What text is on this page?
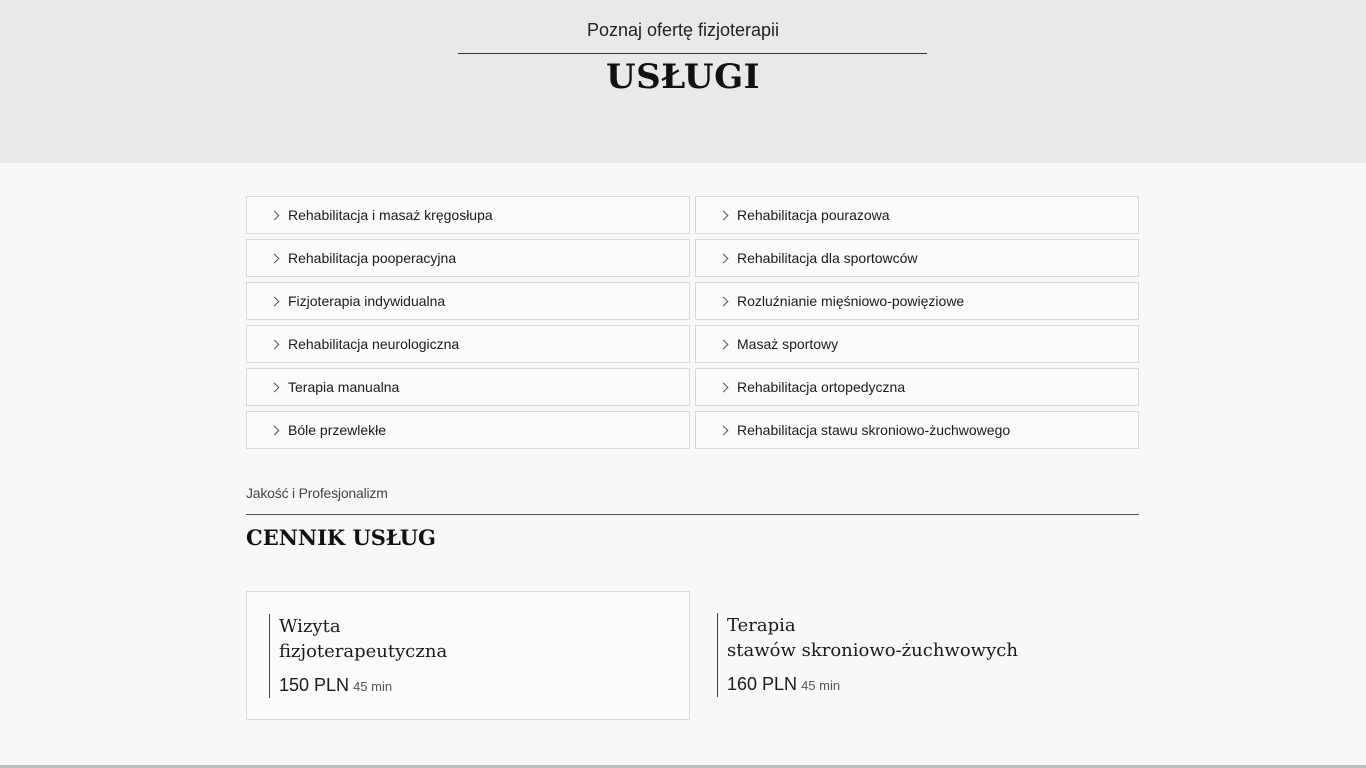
Poznaj ofertę fizjoterapii
USŁUGI
Rehabilitacja i masaż kręgosłupa	Rehabilitacja pourazowa
Rehabilitacja pooperacyjna	Rehabilitacja dla sportowców
Fizjoterapia indywidualna	Rozluźnianie mięśniowo-powięziowe
Rehabilitacja neurologiczna	Masaż sportowy
Terapia manualna	Rehabilitacja ortopedyczna
Bóle przewlekłe	Rehabilitacja stawu skroniowo-żuchwowego
Jakość i Profesjonalizm
CENNIK USŁUG
Wizyta
fizjoterapeutyczna
150 PLN 45 min
Terapia
stawów skroniowo-żuchwowych
160 PLN 45 min
